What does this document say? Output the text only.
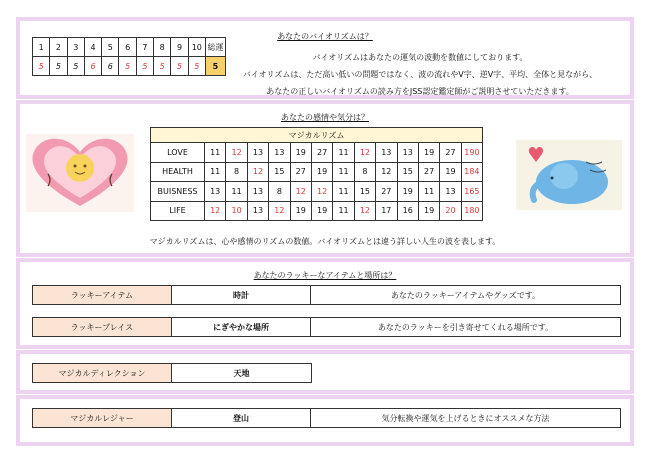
あなたのバイオリズムは？
1	2	3	4	5	6	7	8	9	10	総運
5	5	5	6	6	5	5	5	5	5	5
バイオリズムはあなたの運気の波動を数値にしております。
バイオリズムは、ただ高い低いの問題ではなく、波の流れやV字、逆V字、平均、全体と見ながら、
あなたの正しいバイオリズムの読み方をJSS認定鑑定師がご説明させていただきます。
あなたの感情や気分は？
マジカルリズム													
LOVE	11	12	13	13	19	27	11	12	13	13	19	27	190
HEALTH	11	8	12	15	27	19	11	8	12	15	27	19	184
BUISNESS	13	11	13	8	12	12	11	15	27	19	11	13	165
LIFE	12	10	13	12	19	19	11	12	17	16	19	20	180
マジカルリズムは、心や感情のリズムの数値。バイオリズムとは違う詳しい人生の波を表します。
あなたのラッキーなアイテムと場所は？
ラッキーアイテム	時計	あなたのラッキーアイテムやグッズです。
ラッキープレイス	にぎやかな場所	あなたのラッキーを引き寄せてくれる場所です。
マジカルディレクション	天地
マジカルレジャー	登山	気分転換や運気を上げるときにオススメな方法
